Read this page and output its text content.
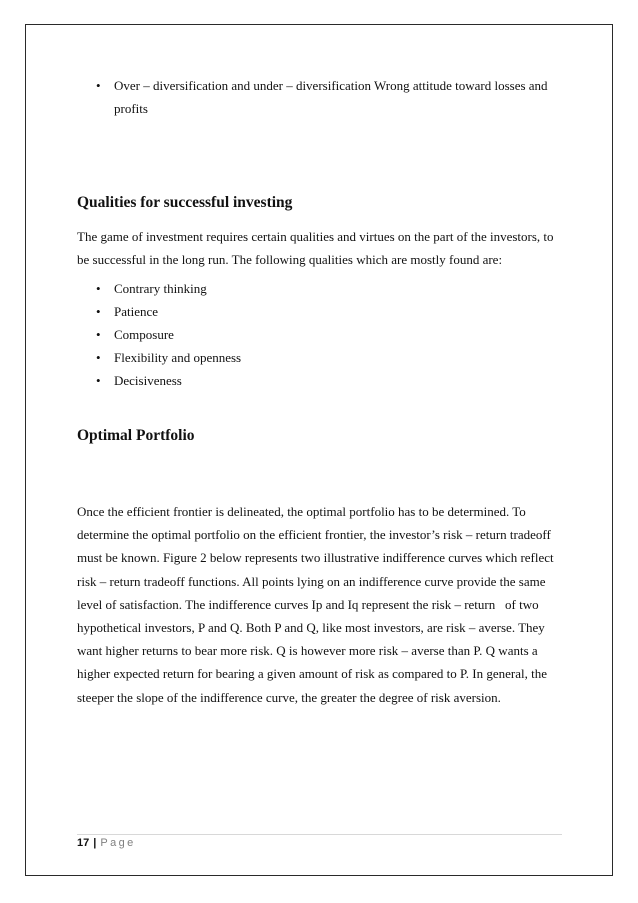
• Over – diversification and under – diversification Wrong attitude toward losses and
profits
Qualities for successful investing

The game of investment requires certain qualities and virtues on the part of the investors, to
be successful in the long run. The following qualities which are mostly found are:

• Contrary thinking
• Patience
• Composure
• Flexibility and openness
• Decisiveness
Optimal Portfolio

Once the efficient frontier is delineated, the optimal portfolio has to be determined. To
determine the optimal portfolio on the efficient frontier, the investor’s risk – return tradeoff
must be known. Figure 2 below represents two illustrative indifference curves which reflect
risk – return tradeoff functions. All points lying on an indifference curve provide the same
level of satisfaction. The indifference curves Ip and Iq represent the risk – return   of two
hypothetical investors, P and Q. Both P and Q, like most investors, are risk – averse. They
want higher returns to bear more risk. Q is however more risk – averse than P. Q wants a
higher expected return for bearing a given amount of risk as compared to P. In general, the
steeper the slope of the indifference curve, the greater the degree of risk aversion.

17 | Page
